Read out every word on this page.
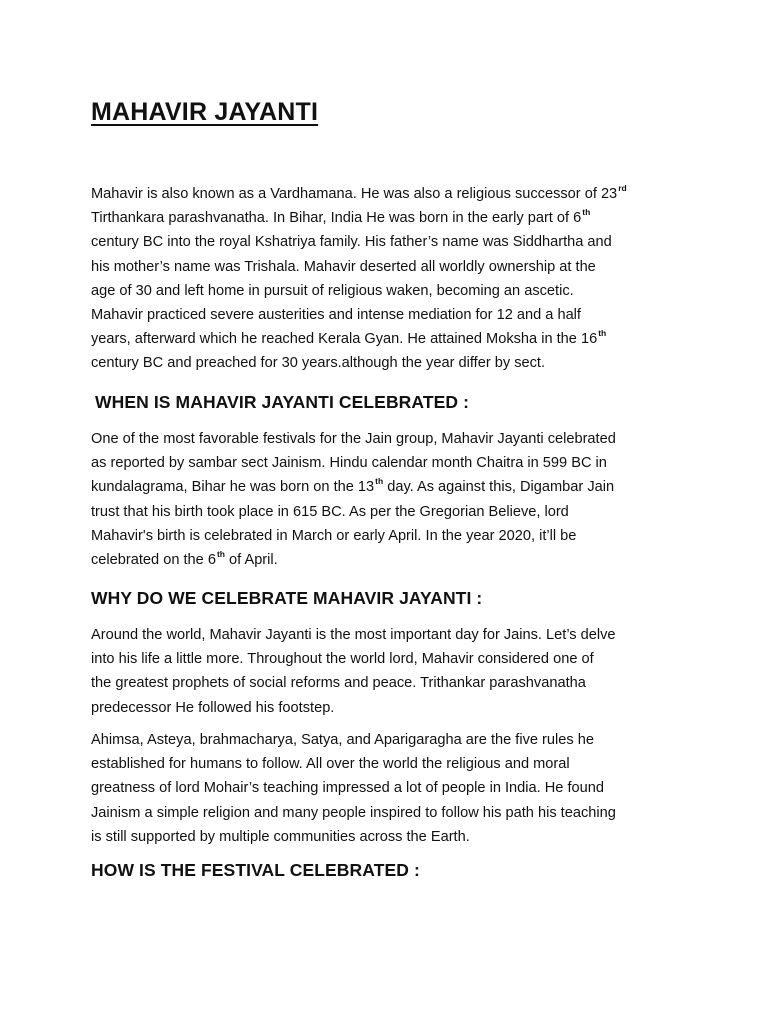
MAHAVIR JAYANTI

Mahavir is also known as a Vardhamana. He was also a religious successor of 23rd
Tirthankara parashvanatha. In Bihar, India He was born in the early part of 6th
century BC into the royal Kshatriya family. His father’s name was Siddhartha and
his mother’s name was Trishala. Mahavir deserted all worldly ownership at the
age of 30 and left home in pursuit of religious waken, becoming an ascetic.
Mahavir practiced severe austerities and intense mediation for 12 and a half
years, afterward which he reached Kerala Gyan. He attained Moksha in the 16th
century BC and preached for 30 years.although the year differ by sect.

WHEN IS MAHAVIR JAYANTI CELEBRATED :

One of the most favorable festivals for the Jain group, Mahavir Jayanti celebrated
as reported by sambar sect Jainism. Hindu calendar month Chaitra in 599 BC in
kundalagrama, Bihar he was born on the 13th day. As against this, Digambar Jain
trust that his birth took place in 615 BC. As per the Gregorian Believe, lord
Mahavir's birth is celebrated in March or early April. In the year 2020, it’ll be
celebrated on the 6th of April.

WHY DO WE CELEBRATE MAHAVIR JAYANTI :

Around the world, Mahavir Jayanti is the most important day for Jains. Let’s delve
into his life a little more. Throughout the world lord, Mahavir considered one of
the greatest prophets of social reforms and peace. Trithankar parashvanatha
predecessor He followed his footstep.

Ahimsa, Asteya, brahmacharya, Satya, and Aparigaragha are the five rules he
established for humans to follow. All over the world the religious and moral
greatness of lord Mohair’s teaching impressed a lot of people in India. He found
Jainism a simple religion and many people inspired to follow his path his teaching
is still supported by multiple communities across the Earth.

HOW IS THE FESTIVAL CELEBRATED :
